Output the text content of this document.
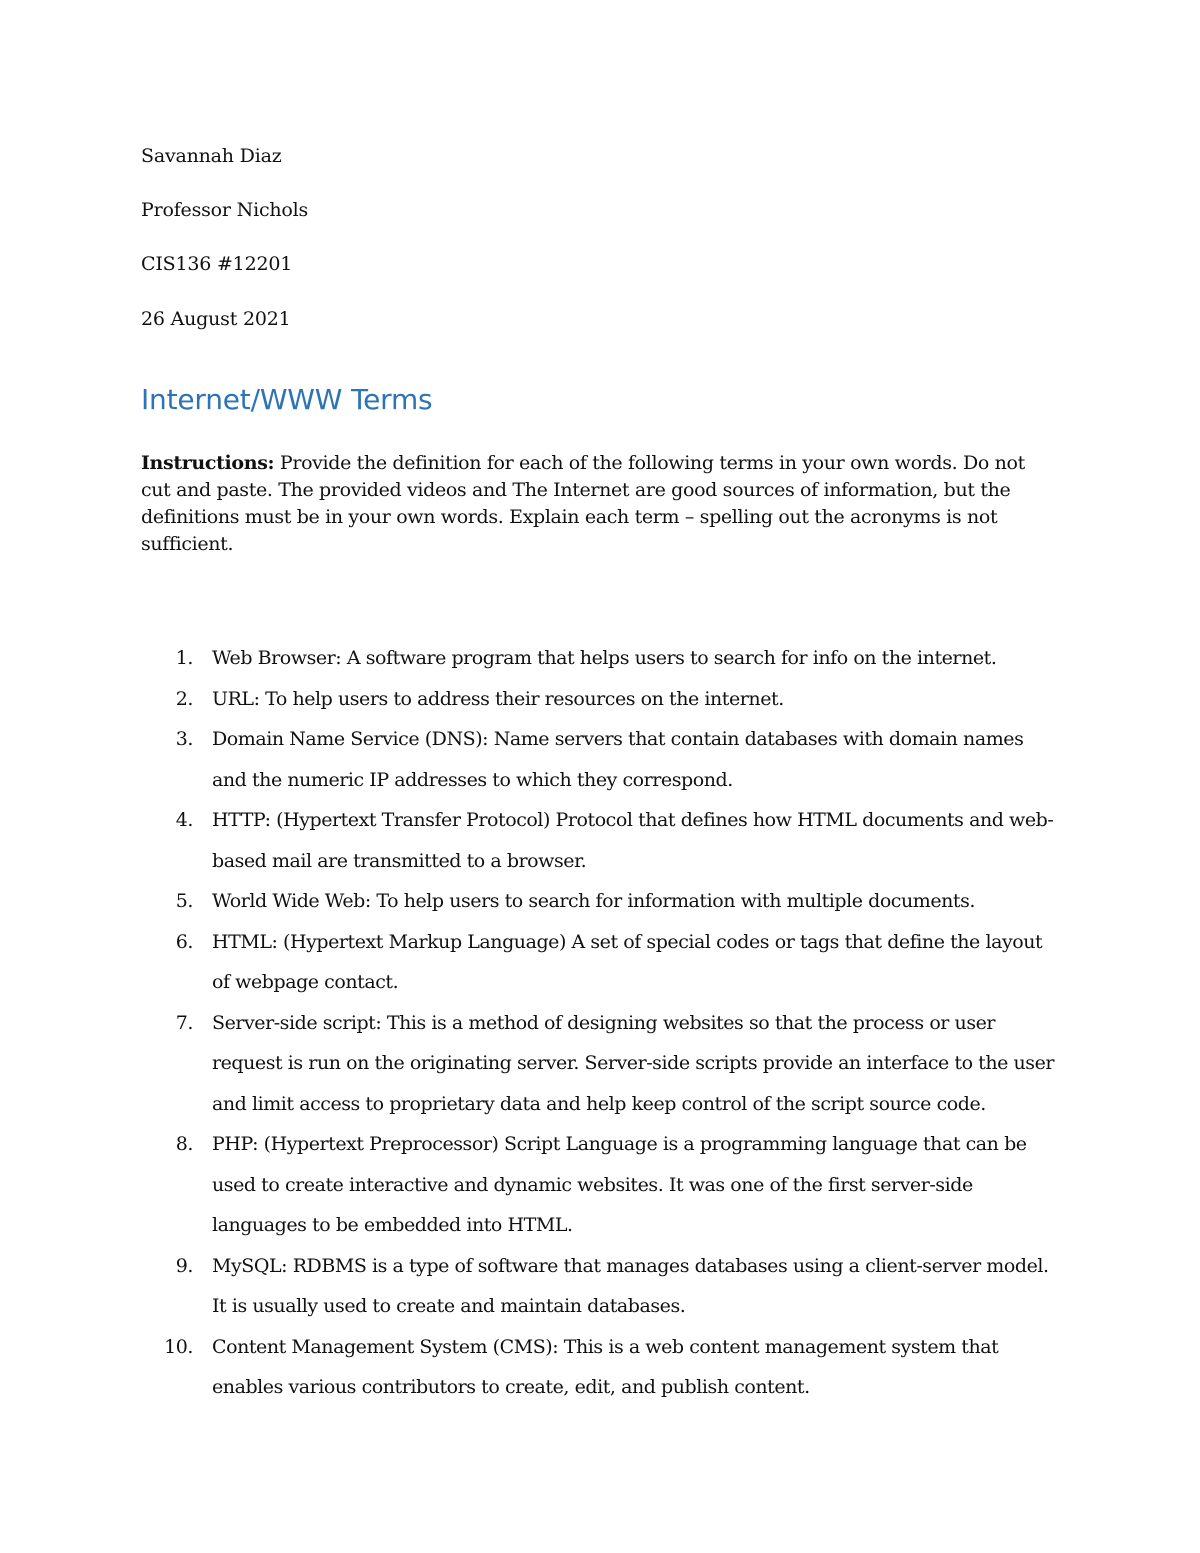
Savannah Diaz
Professor Nichols
CIS136 #12201
26 August 2021
Internet/WWW Terms
Instructions: Provide the definition for each of the following terms in your own words. Do not cut and paste. The provided videos and The Internet are good sources of information, but the definitions must be in your own words. Explain each term – spelling out the acronyms is not sufficient.
1. Web Browser: A software program that helps users to search for info on the internet.
2. URL: To help users to address their resources on the internet.
3. Domain Name Service (DNS): Name servers that contain databases with domain names and the numeric IP addresses to which they correspond.
4. HTTP: (Hypertext Transfer Protocol) Protocol that defines how HTML documents and web-based mail are transmitted to a browser.
5. World Wide Web: To help users to search for information with multiple documents.
6. HTML: (Hypertext Markup Language) A set of special codes or tags that define the layout of webpage contact.
7. Server-side script: This is a method of designing websites so that the process or user request is run on the originating server. Server-side scripts provide an interface to the user and limit access to proprietary data and help keep control of the script source code.
8. PHP: (Hypertext Preprocessor) Script Language is a programming language that can be used to create interactive and dynamic websites. It was one of the first server-side languages to be embedded into HTML.
9. MySQL: RDBMS is a type of software that manages databases using a client-server model. It is usually used to create and maintain databases.
10. Content Management System (CMS): This is a web content management system that enables various contributors to create, edit, and publish content.
